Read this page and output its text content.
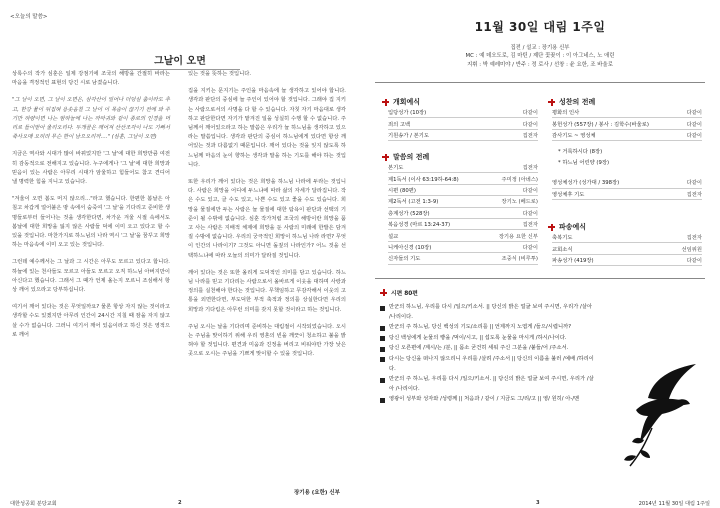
<오늘의 말씀>
그날이 오면

상록수의 작가 심훈은 일제 강점기에 조국의 해방을 간절히 바라는 마음을 격정적인 표현의 당긴 시로 남겼습니다.

"그 날이 오면, 그 날이 오면은, 삼각산이 일어나 더덩실 춤이라도 추고, 한강 물이 뒤집혀 용솟음칠 그 날이 이 목숨이 끊기기 전에 와 주기만 하량이면 나는 밤하늘에 나는 까마귀와 같이 종로의 인경을 머리로 들이받아 울리오리다. 두개골은 깨어져 산산조각이 나도 기뻐서 죽사오매 오히려 무슨 한이 남으오리까…." (심훈, 그날이 오면)

지금은 역사와 시대가 많이 바뀌었지만 '그 날'에 대한 희망만큼 여전히 감동적으로 전해지고 있습니다. 누구에게나 '그 날'에 대한 희망과 믿음이 있는 사람은 아무리 시대가 암울하고 힘들어도 참고 견디어 낼 명력한 힘을 지니고 있습니다.

"겨울이 오면 봄도 머지 않으리…"라고 했습니다. 한편한 봄날은 아침고 차갑게 얼어붙은 땅 속에서 숨죽여 '그 날'을 기다리고 준비한 생명들로부터 들어나는 것을 생각한다면, 차가운 겨울 시절 속에서도 봄날에 대한 희망을 잃지 않은 사람들 덕에 이미 오고 있다고 할 수 있을 것입니다. 마찬가지로 하느님의 나라 역시 '그 날'을 꿈꾸고 희망하는 마음속에 이미 오고 있는 것입니다.

그런데 예수께서는 그 날과 그 시간은 아무도 모르고 있다고 합니다. 하늘에 있는 천사들도 모르고 아들도 모르고 오직 하느님 아버지만이 아신다고 했습니다. 그래서 그 때가 언제 올는지 모르니 조심해서 항상 깨어 있으라고 당부하십니다.

여기서 깨어 있다는 것은 무엇일까요? 물론 항상 자지 않는 것이라고 생각할 수도 있겠지만 아무리 인간이 24시간 지칠 때 잠을 자지 않고 살 수가 없습니다. 그러니 여기서 깨어 있음이라고 하신 것은 영적으로 깨어

있는 것을 뜻하는 것입니다.

집을 지키는 문지기는 주인을 마음속에 늘 생각하고 있어야 합니다. 생각과 판단의 중심에 늘 주인이 있어야 할 것입니다. 그래야 집 지키는 사람으로서의 사명을 다 할 수 있습니다. 자칫 자기 마음대로 생각하고 판단한다면 자기가 맡겨진 일을 성실히 수행 할 수 없습니다. 주님께서 깨어있으라고 하는 말씀은 우리가 늘 하느님을 생각하고 있으라는 말씀입니다. 생각과 판단의 중심이 하느님에게 있다면 항상 깨어있는 것과 다름없기 때문입니다. 깨어 있다는 것을 잊지 않도록 하느님께 마음의 눈이 향하는 생각과 말을 하는 기도를 해야 하는 것입니다.

또한 우리가 깨어 있다는 것은 희망을 하느님 나라에 두라는 것입니다. 사람은 희망을 어디에 두느냐에 따라 삶의 자세가 달라집니다. 작은 수도 있고, 클 수도 있고, 나쁜 수도 있고 좋을 수도 있습니다. 희망을 물질에만 두는 사람은 늘 물질에 대한 탐욕이 판단과 선택의 기준이 될 수밖에 없습니다. 심훈 작가처럼 조국의 해방이란 희망을 품고 사는 사람은 지배적 체제에 희망을 둔 사람의 미래에 한발은 담겨질 수밖에 없습니다. 우리의 궁극적인 희망이 하느님 나라 라면? 무엇이 인간의 나라이기? 그것도 아니면 돌짚의 나라인가? 어느 것을 선택하느냐에 따라 오늘의 의미가 달라질 것입니다.

깨어 있다는 것은 또한 올리게 도덕적인 의미를 담고 있습니다. 하느님 나라를 믿고 기다리는 사람으로서 올바르게 이웃을 대하며 사랑과 정의를 실천해야 한다는 것입니다. 무책임하고 무감각해서 이웃의 고통을 외면한다면, 부도덕한 부적 축적과 정의를 상실한다면 우리의 희망과 기다림은 아무런 의미를 갖지 못할 것이라고 하는 것입니다.

주님 오시는 날을 기다리며 준비하는 대림절이 시작되었습니다. 오시는 주님을 맞이하기 위해 우리 영혼의 빈을 깨끗이 청소하고 불을 밝혀야 할 것입니다. 편견과 미움과 진정을 버리고 비워야만 가장 낮은 곳으로 오시는 주님을 기쁘게 맞이할 수 있을 것입니다.

장기용 (요한) 신부
대한성공회 분당교회	2
11월 30일 대림 1주일
집전 / 설교 : 장기용 신부
MC : 예 데오도로, 김 마틴 / 제단 꽃꽂이 : 이 아그네스, 노 애린
지휘 : 박 예레미야 / 반주 : 정 로사 / 선창 : 윤 요한, 조 바울로
개회예식
입당성가 (10장)	다같이
죄의 고백	다같이
기원송가 / 본기도	집전자
말씀의 전례
본기도	집전자
제1독서 (이사 63:19하-64:8)	주미정 (아녜스)
시편 (80편)	다같이
제2독서 (고전 1:3-9)	장기노 (베드로)
층계성가 (528장)	다같이
복음성경 (마르 13:24-37)	집전자
설교	장기용 요한 신부
니케아신경 (10장)	다같이
신자들의 기도	조중식 (비루투)
성찬의 전례
평화의 인사	다같이
봉헌성가 (557장) / 봉사 : 김학수(바울로)	다같이
감사기도 ~ 영성체	다같이
* 거룩하시다 (8장)
* 하느님 어린양 (9장)
영성체성가 (성가대 / 398장)	다같이
영성체후 기도	집전자
파송예식
축복기도	집전자
교회소식	선임위원
파송성가 (419장)	다같이
시편 80편
만군의 하느님, 우리를 다시 /일으/키소서. || 당신의 밝은 얼굴 보여 주시면, 우리가 /살아 /나리이다.
만군의 주 하느님, 당신 백성의 기도/소리를 || 언제까지 노엽게 /들으/시렵니까?
당신 백성에게 눈물의 빵을 /먹이/시고, || 섭도록 눈물을 마시게 /하시/나이다.
당신 오른편에 /계시/는 /분, || 몸소 굳건히 세워 주신 그분을 /붙들/어 /주소서.
다시는 당신을 떠나지 않으리니 우리를 /살려 /주소서 || 당신의 이름을 불러 /예배 /하리이다.
만군의 주 하느님, 우리를 다시 /일으/키소서. || 당신의 밝은 얼굴 보여 주시면, 우리가 /살아 /나리이다.
영광이 성부와 성자와 /성령께 || 처음과 / 같이 / 지금도 그/리/고 || 영/ 원히/ 아-/멘
3	2014년 11월 30일 대림 1주일
